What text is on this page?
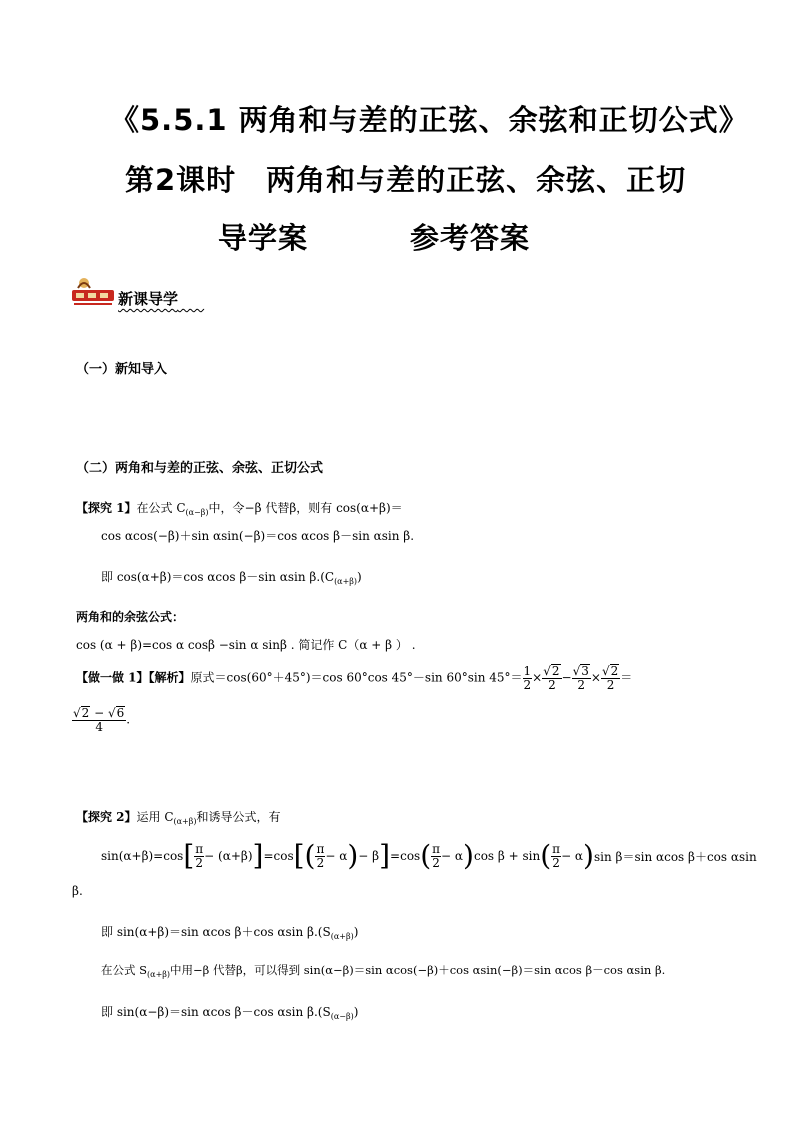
《5.5.1 两角和与差的正弦、余弦和正切公式》
第2课时　两角和与差的正弦、余弦、正切
导学案	参考答案
新课导学
（一）新知导入
（二）两角和与差的正弦、余弦、正切公式
【探究 1】在公式 $C_{(\alpha-\beta)}$中，令−β 代替β，则有 cos(α+β)＝
cos αcos(−β)＋sin αsin(−β)＝cos αcos β－sin αsin β.
即 cos(α+β)＝cos αcos β－sin αsin $\beta.(C_{(\alpha+\beta)})$
两角和的余弦公式：
cos (α + β)=cos α cosβ −sin α sinβ . 简记作 C（α + β ） .
【做一做 1】【解析】原式＝cos(60°＋45°)＝cos 60°cos 45°－sin 60°sin $45^\circ= \frac{1}{2} \times \frac{√2}{2} - \frac{√3}{2} \times \frac{√2}{2}$ ＝
$\frac{√2 - √6}{4}$ .
【探究 2】运用 $C_{(\alpha+\beta)}$和诱导公式，有
sin(α+β)=cos [ $\frac{\pi}{2} - (\alpha+\beta)$ ] =cos [ ( $\frac{\pi}{2} - \alpha$ ) − β ] =cos ( $\frac{\pi}{2} - \alpha$ ) cos β + sin ( $\frac{\pi}{2} - \alpha$ ) sin β＝sin αcos β＋cos αsin
β.
即 sin(α+β)＝sin αcos β＋cos αsin $\beta.(S_{(\alpha+\beta)})$
在公式 $S_{(\alpha+\beta)}$中用−β 代替β，可以得到 sin(α−β)＝sin αcos(−β)＋cos αsin(−β)＝sin αcos β－cos αsin β.
即 sin(α−β)＝sin αcos β－cos αsin $\beta.(S_{(\alpha-\beta)})$
